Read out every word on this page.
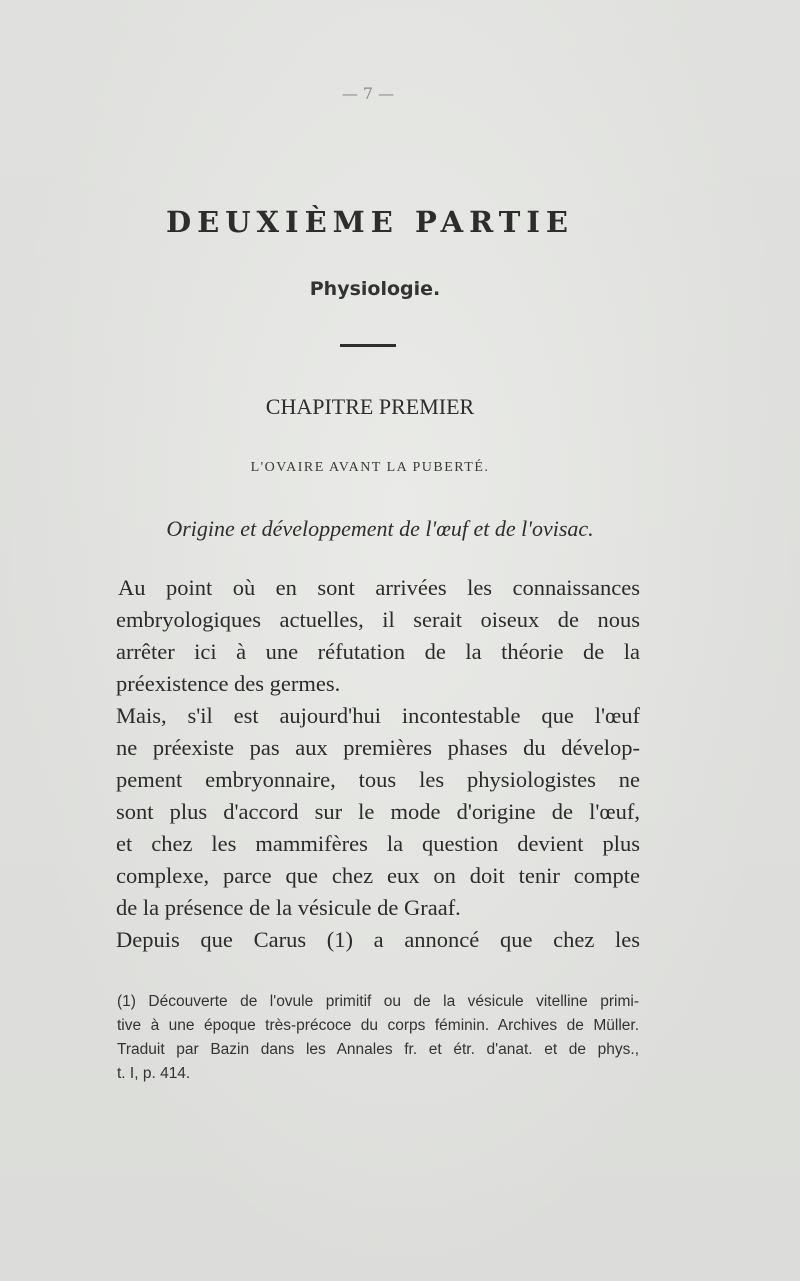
— 7 —
DEUXIÈME PARTIE
Physiologie.
CHAPITRE PREMIER
L'OVAIRE AVANT LA PUBERTÉ.
Origine et développement de l'œuf et de l'ovisac.
Au point où en sont arrivées les connaissances
embryologiques actuelles, il serait oiseux de nous
arrêter ici à une réfutation de la théorie de la
préexistence des germes.
Mais, s'il est aujourd'hui incontestable que l'œuf
ne préexiste pas aux premières phases du dévelop-
pement embryonnaire, tous les physiologistes ne
sont plus d'accord sur le mode d'origine de l'œuf,
et chez les mammifères la question devient plus
complexe, parce que chez eux on doit tenir compte
de la présence de la vésicule de Graaf.
Depuis que Carus (1) a annoncé que chez les
(1) Découverte de l'ovule primitif ou de la vésicule vitelline primi-
tive à une époque très-précoce du corps féminin. Archives de Müller.
Traduit par Bazin dans les Annales fr. et étr. d'anat. et de phys.,
t. I, p. 414.
